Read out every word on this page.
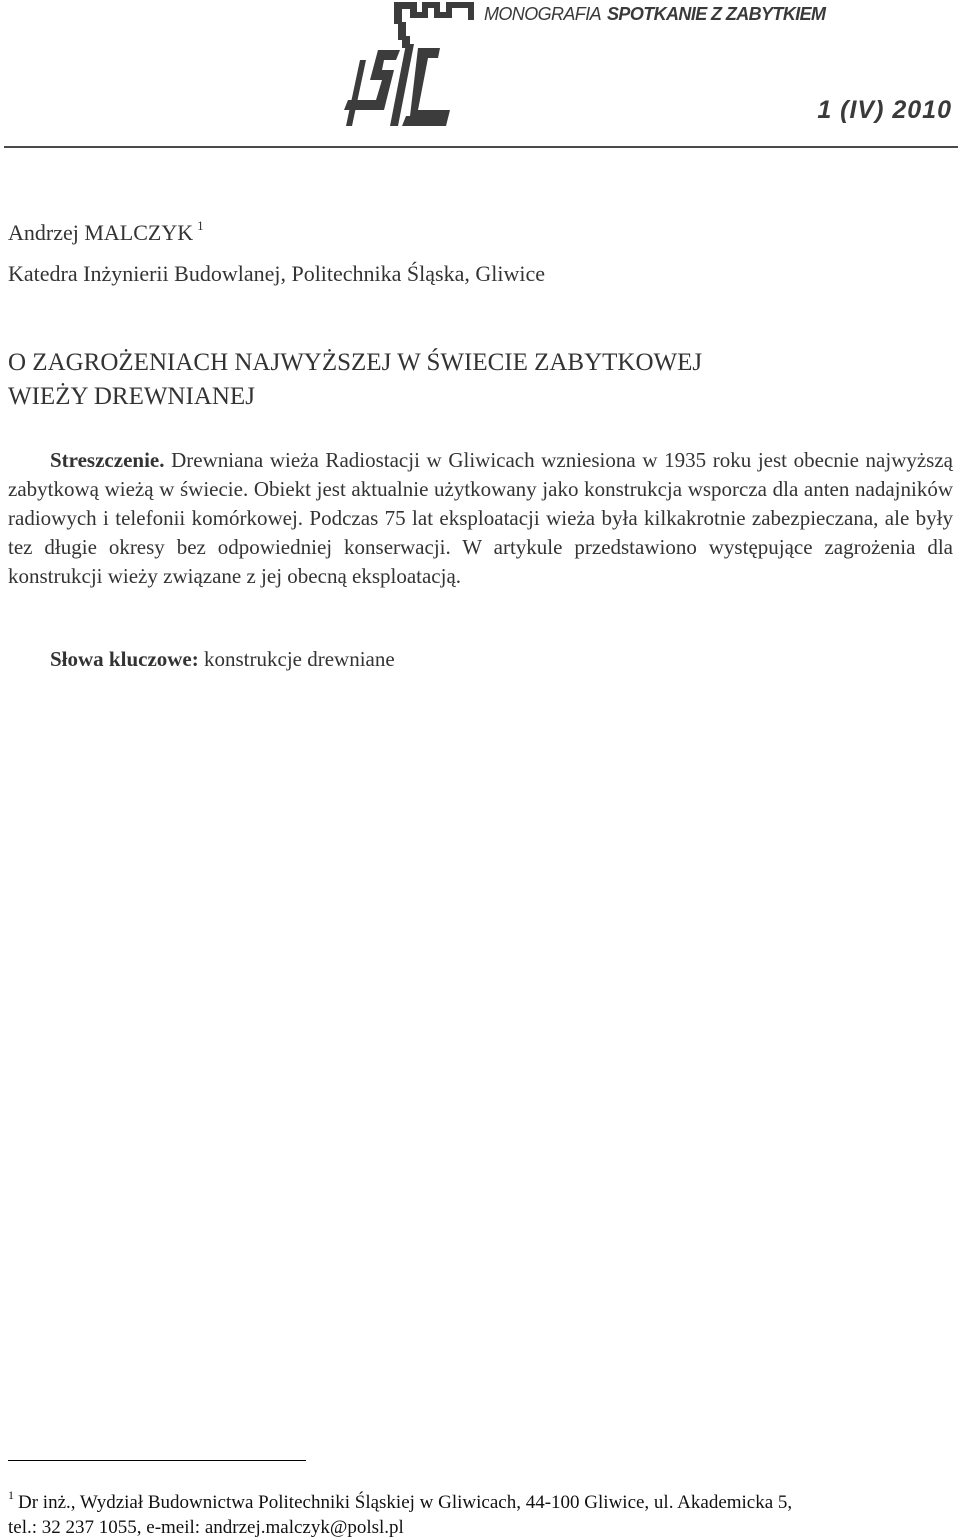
MONOGRAFIA SPOTKANIE Z ZABYTKIEM
1 (IV) 2010
Andrzej MALCZYK $^1$
Katedra Inżynierii Budowlanej, Politechnika Śląska, Gliwice
O ZAGROŻENIACH NAJWYŻSZEJ W ŚWIECIE ZABYTKOWEJ
WIEŻY DREWNIANEJ
Streszczenie. Drewniana wieża Radiostacji w Gliwicach wzniesiona w 1935 roku jest obecnie najwyższą zabytkową wieżą w świecie. Obiekt jest aktualnie użytkowany jako konstrukcja wsporcza dla anten nadajników radiowych i telefonii komórkowej. Podczas 75 lat eksploatacji wieża była kilkakrotnie zabezpieczana, ale były tez długie okresy bez odpowiedniej konserwacji. W artykule przedstawiono występujące zagrożenia dla konstrukcji wieży związane z jej obecną eksploatacją.
Słowa kluczowe: konstrukcje drewniane
$^1$ Dr inż., Wydział Budownictwa Politechniki Śląskiej w Gliwicach, 44-100 Gliwice, ul. Akademicka 5,
tel.: 32 237 1055, e-meil: andrzej.malczyk@polsl.pl
